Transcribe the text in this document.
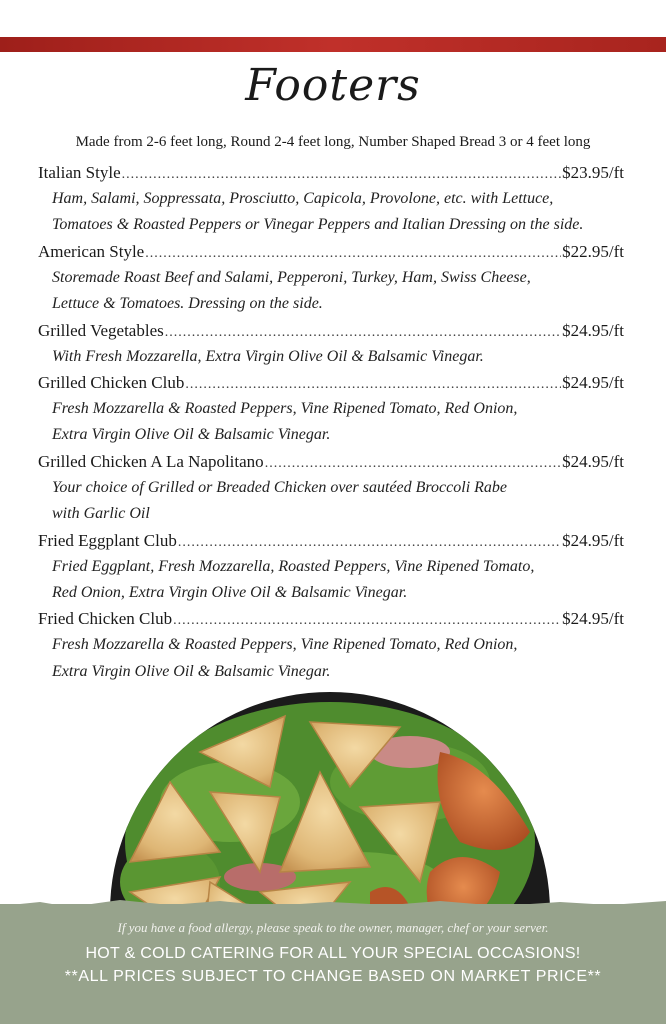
Footers
Made from 2-6 feet long, Round 2-4 feet long, Number Shaped Bread 3 or 4 feet long
Italian Style .....	$23.95/ft
Ham, Salami, Soppressata, Prosciutto, Capicola, Provolone, etc. with Lettuce,
Tomatoes & Roasted Peppers or Vinegar Peppers and Italian Dressing on the side.
American Style .....	$22.95/ft
Storemade Roast Beef and Salami, Pepperoni, Turkey, Ham, Swiss Cheese,
Lettuce & Tomatoes. Dressing on the side.
Grilled Vegetables .....	$24.95/ft
With Fresh Mozzarella, Extra Virgin Olive Oil & Balsamic Vinegar.
Grilled Chicken Club .....	$24.95/ft
Fresh Mozzarella & Roasted Peppers, Vine Ripened Tomato, Red Onion,
Extra Virgin Olive Oil & Balsamic Vinegar.
Grilled Chicken A La Napolitano .....	$24.95/ft
Your choice of Grilled or Breaded Chicken over sautéed Broccoli Rabe
with Garlic Oil
Fried Eggplant Club .....	$24.95/ft
Fried Eggplant, Fresh Mozzarella, Roasted Peppers, Vine Ripened Tomato,
Red Onion, Extra Virgin Olive Oil & Balsamic Vinegar.
Fried Chicken Club .....	$24.95/ft
Fresh Mozzarella & Roasted Peppers, Vine Ripened Tomato, Red Onion,
Extra Virgin Olive Oil & Balsamic Vinegar.
If you have a food allergy, please speak to the owner, manager, chef or your server.
HOT & COLD CATERING FOR ALL YOUR SPECIAL OCCASIONS!
**ALL PRICES SUBJECT TO CHANGE BASED ON MARKET PRICE**
